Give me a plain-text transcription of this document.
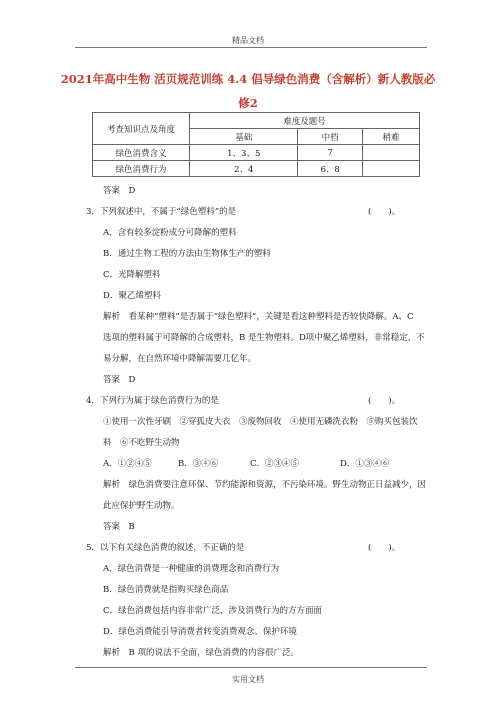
精品文档
2021年高中生物 活页规范训练 4.4 倡导绿色消费（含解析）新人教版必
修2
考查知识点及角度	难度及题号		
	基础	中档	稍难
绿色消费含义	1、3、5	7	
绿色消费行为	2、4	6、8	
答案　D
3．下列叙述中，不属于“绿色塑料”的是	(　　)。
A．含有较多淀粉成分可降解的塑料
B．通过生物工程的方法由生物体生产的塑料
C．光降解塑料
D．聚乙烯塑料
解析　看某种“塑料”是否属于“绿色塑料”，关键是看这种塑料是否较快降解。A、C
选项的塑料属于可降解的合成塑料，B 是生物塑料。D项中聚乙烯塑料，非常稳定，不
易分解，在自然环境中降解需要几亿年。
答案　D
4．下列行为属于绿色消费行为的是	(　　)。
①使用一次性牙刷　②穿狐皮大衣　③废物回收　④使用无磷洗衣粉　⑤购买包装饮
料　⑥不吃野生动物
A．①②④⑤	B．③④⑥	C．②③④⑤	D．①③④⑥
解析　绿色消费要注意环保、节约能源和资源，不污染环境。野生动物正日益减少，因
此应保护野生动物。
答案　B
5．以下有关绿色消费的叙述，不正确的是	(　　)。
A．绿色消费是一种健康的消费理念和消费行为
B．绿色消费就是指购买绿色商品
C．绿色消费包括内容非常广泛，涉及消费行为的方方面面
D．绿色消费能引导消费者转变消费观念、保护环境
解析　B 项的说法不全面，绿色消费的内容很广泛。
实用文档
